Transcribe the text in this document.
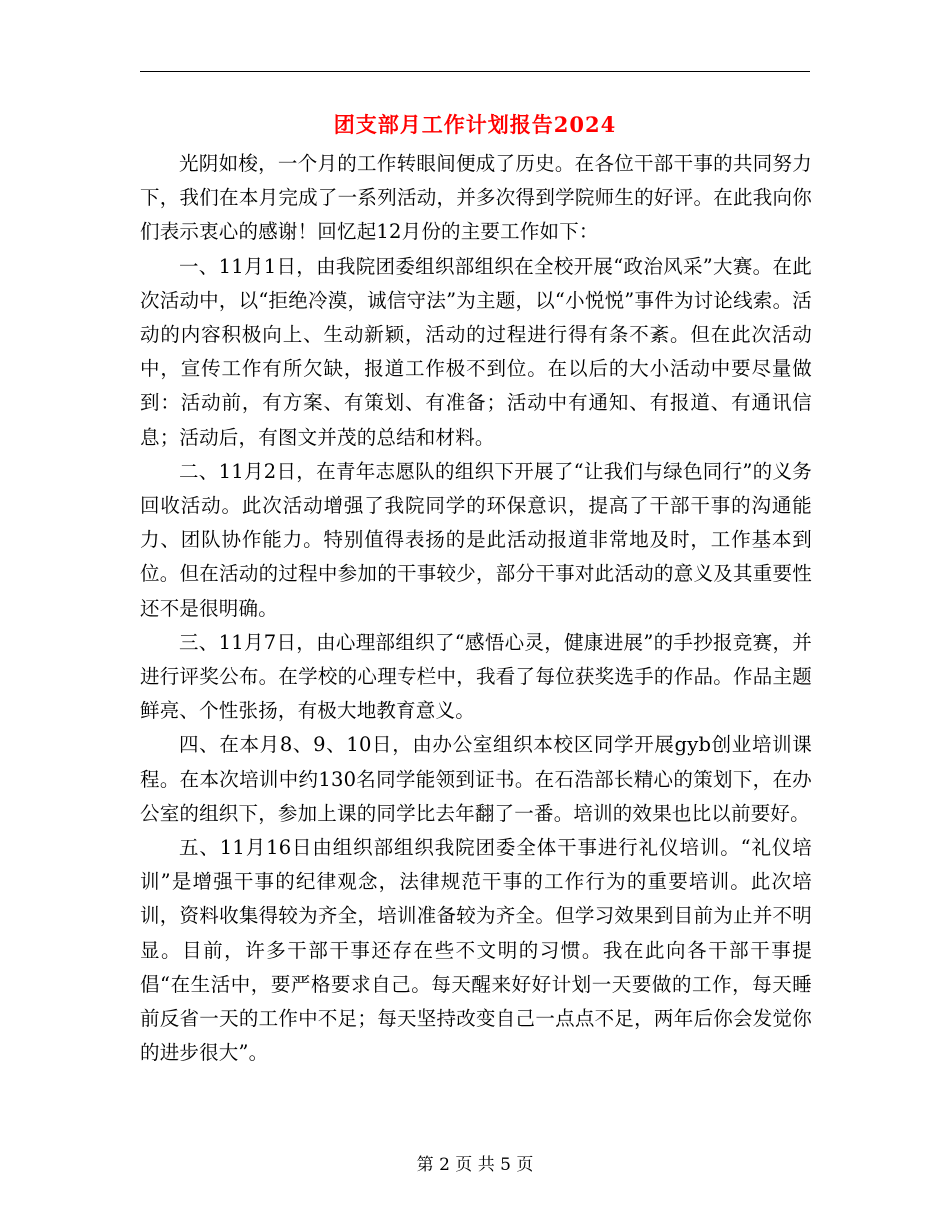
团支部月工作计划报告2024

光阴如梭，一个月的工作转眼间便成了历史。在各位干部干事的共同努力下，我们在本月完成了一系列活动，并多次得到学院师生的好评。在此我向你们表示衷心的感谢！回忆起12月份的主要工作如下：

一、11月1日，由我院团委组织部组织在全校开展“政治风采”大赛。在此次活动中，以“拒绝冷漠，诚信守法”为主题，以“小悦悦”事件为讨论线索。活动的内容积极向上、生动新颖，活动的过程进行得有条不紊。但在此次活动中，宣传工作有所欠缺，报道工作极不到位。在以后的大小活动中要尽量做到：活动前，有方案、有策划、有准备；活动中有通知、有报道、有通讯信息；活动后，有图文并茂的总结和材料。

二、11月2日，在青年志愿队的组织下开展了“让我们与绿色同行”的义务回收活动。此次活动增强了我院同学的环保意识，提高了干部干事的沟通能力、团队协作能力。特别值得表扬的是此活动报道非常地及时，工作基本到位。但在活动的过程中参加的干事较少，部分干事对此活动的意义及其重要性还不是很明确。

三、11月7日，由心理部组织了“感悟心灵，健康进展”的手抄报竞赛，并进行评奖公布。在学校的心理专栏中，我看了每位获奖选手的作品。作品主题鲜亮、个性张扬，有极大地教育意义。

四、在本月8、9、10日，由办公室组织本校区同学开展gyb创业培训课程。在本次培训中约130名同学能领到证书。在石浩部长精心的策划下，在办公室的组织下，参加上课的同学比去年翻了一番。培训的效果也比以前要好。

五、11月16日由组织部组织我院团委全体干事进行礼仪培训。“礼仪培训”是增强干事的纪律观念，法律规范干事的工作行为的重要培训。此次培训，资料收集得较为齐全，培训准备较为齐全。但学习效果到目前为止并不明显。目前，许多干部干事还存在些不文明的习惯。我在此向各干部干事提倡“在生活中，要严格要求自己。每天醒来好好计划一天要做的工作，每天睡前反省一天的工作中不足；每天坚持改变自己一点点不足，两年后你会发觉你的进步很大”。

第 2 页 共 5 页
